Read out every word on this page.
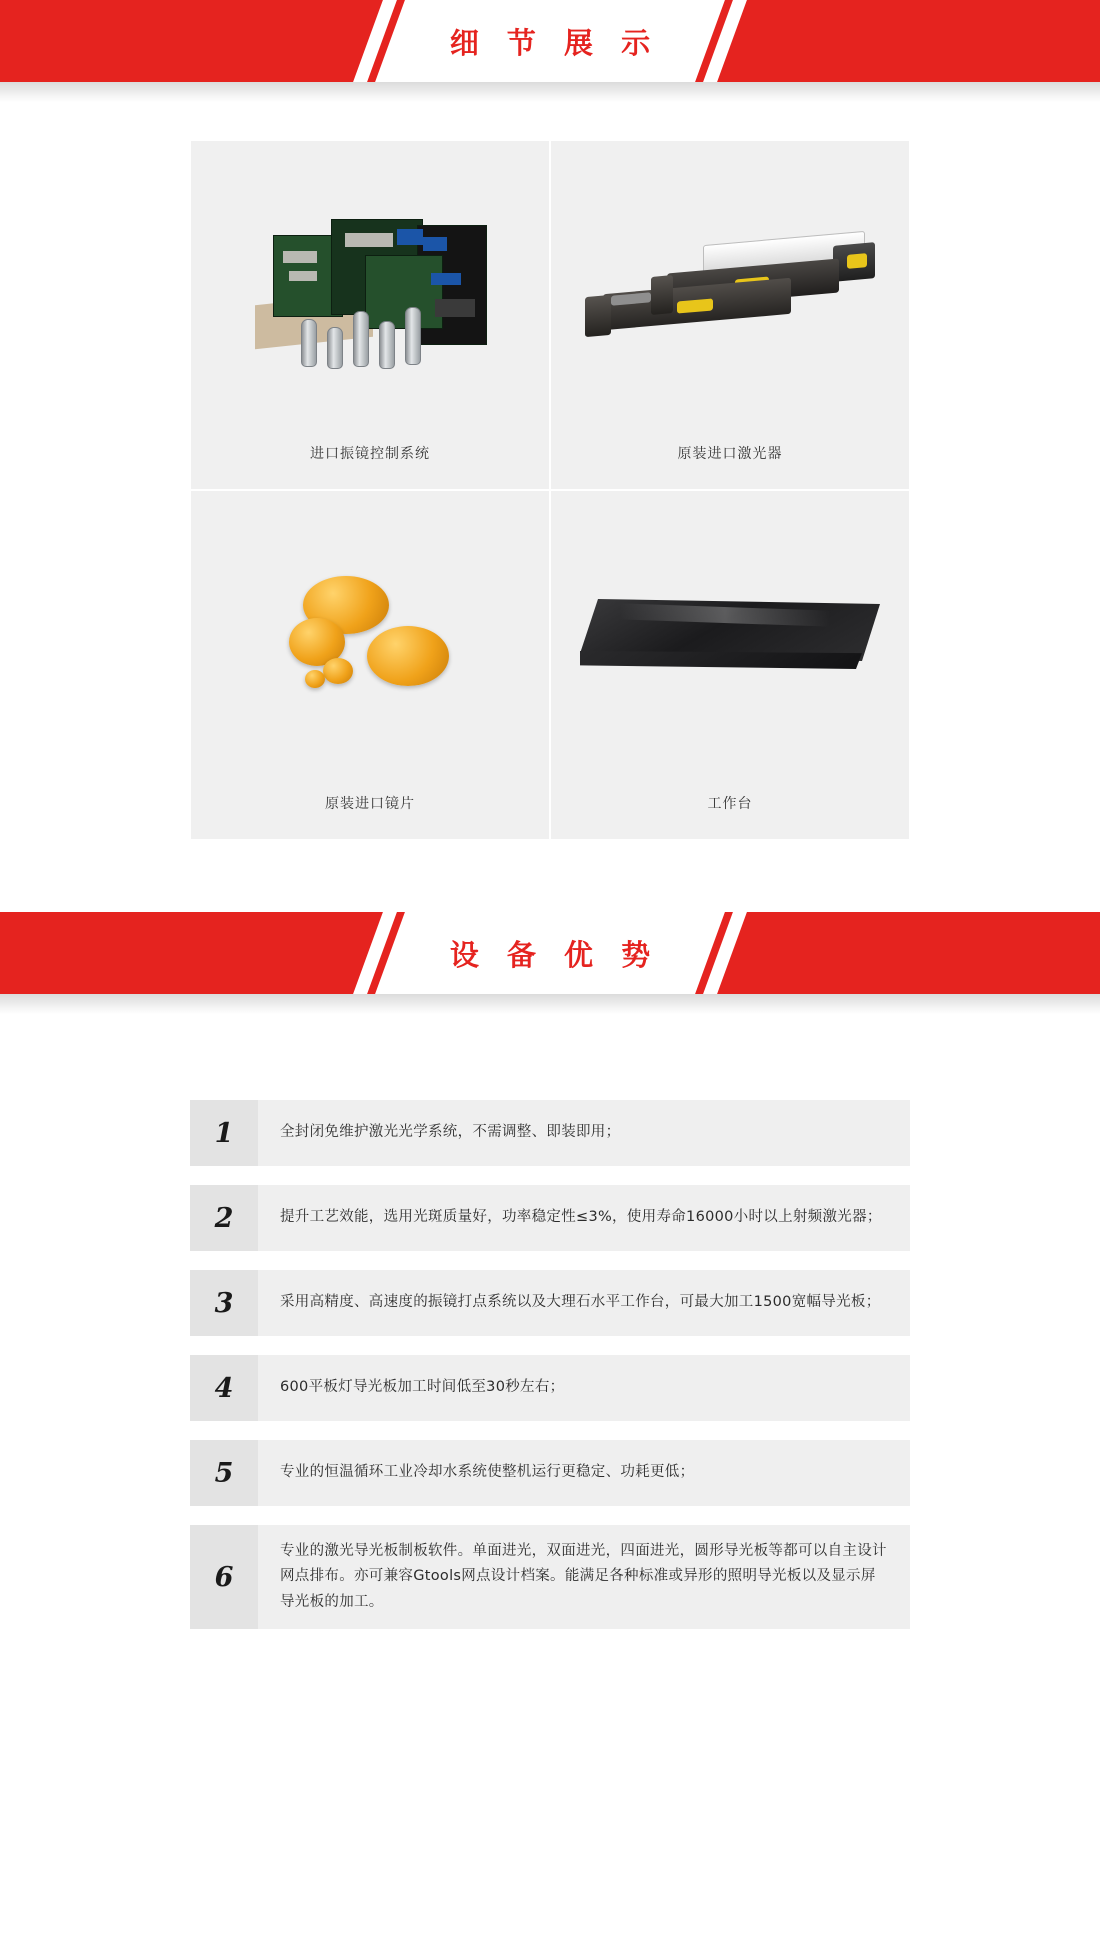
细 节 展 示
进口振镜控制系统	原装进口激光器
原装进口镜片	工作台
设 备 优 势
1	全封闭免维护激光光学系统，不需调整、即装即用；
2	提升工艺效能，选用光斑质量好，功率稳定性≤3%，使用寿命16000小时以上射频激光器；
3	采用高精度、高速度的振镜打点系统以及大理石水平工作台，可最大加工1500宽幅导光板；
4	600平板灯导光板加工时间低至30秒左右；
5	专业的恒温循环工业冷却水系统使整机运行更稳定、功耗更低；
6
专业的激光导光板制板软件。单面进光，双面进光，四面进光，圆形导光板等都可以自主设计网点排布。亦可兼容Gtools网点设计档案。能满足各种标准或异形的照明导光板以及显示屏导光板的加工。
